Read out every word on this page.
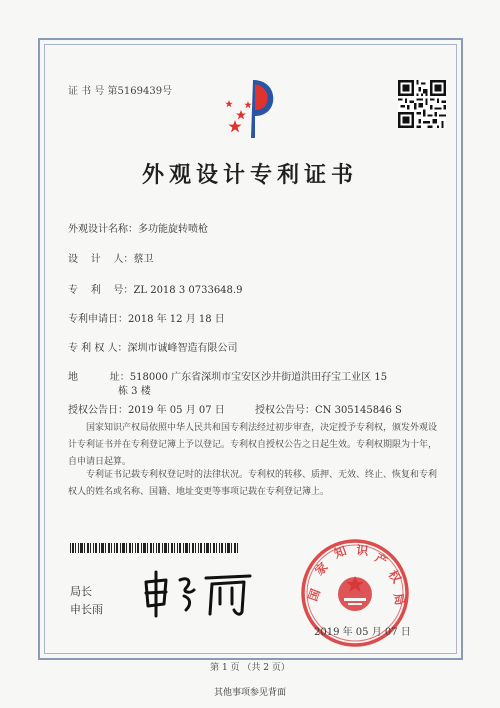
证 书 号 第5169439号
外观设计专利证书
外观设计名称：多功能旋转喷枪
设    计    人：蔡卫
专    利    号：ZL 2018 3 0733648.9
专利申请日：2018 年 12 月 18 日
专 利 权 人：深圳市诚峰智造有限公司
地          址：518000 广东省深圳市宝安区沙井街道洪田孖宝工业区 15
栋 3 楼
授权公告日：2019 年 05 月 07 日	授权公告号：CN 305145846 S
国家知识产权局依照中华人民共和国专利法经过初步审查，决定授予专利权，颁发外观设计专利证书并在专利登记簿上予以登记。专利权自授权公告之日起生效。专利权期限为十年，自申请日起算。
专利证书记载专利权登记时的法律状况。专利权的转移、质押、无效、终止、恢复和专利权人的姓名或名称、国籍、地址变更等事项记载在专利登记簿上。
局长
申长雨
国
家
知 识 产
权
局
2019 年 05 月 07 日
第 1 页 （共 2 页）
其他事项参见背面
